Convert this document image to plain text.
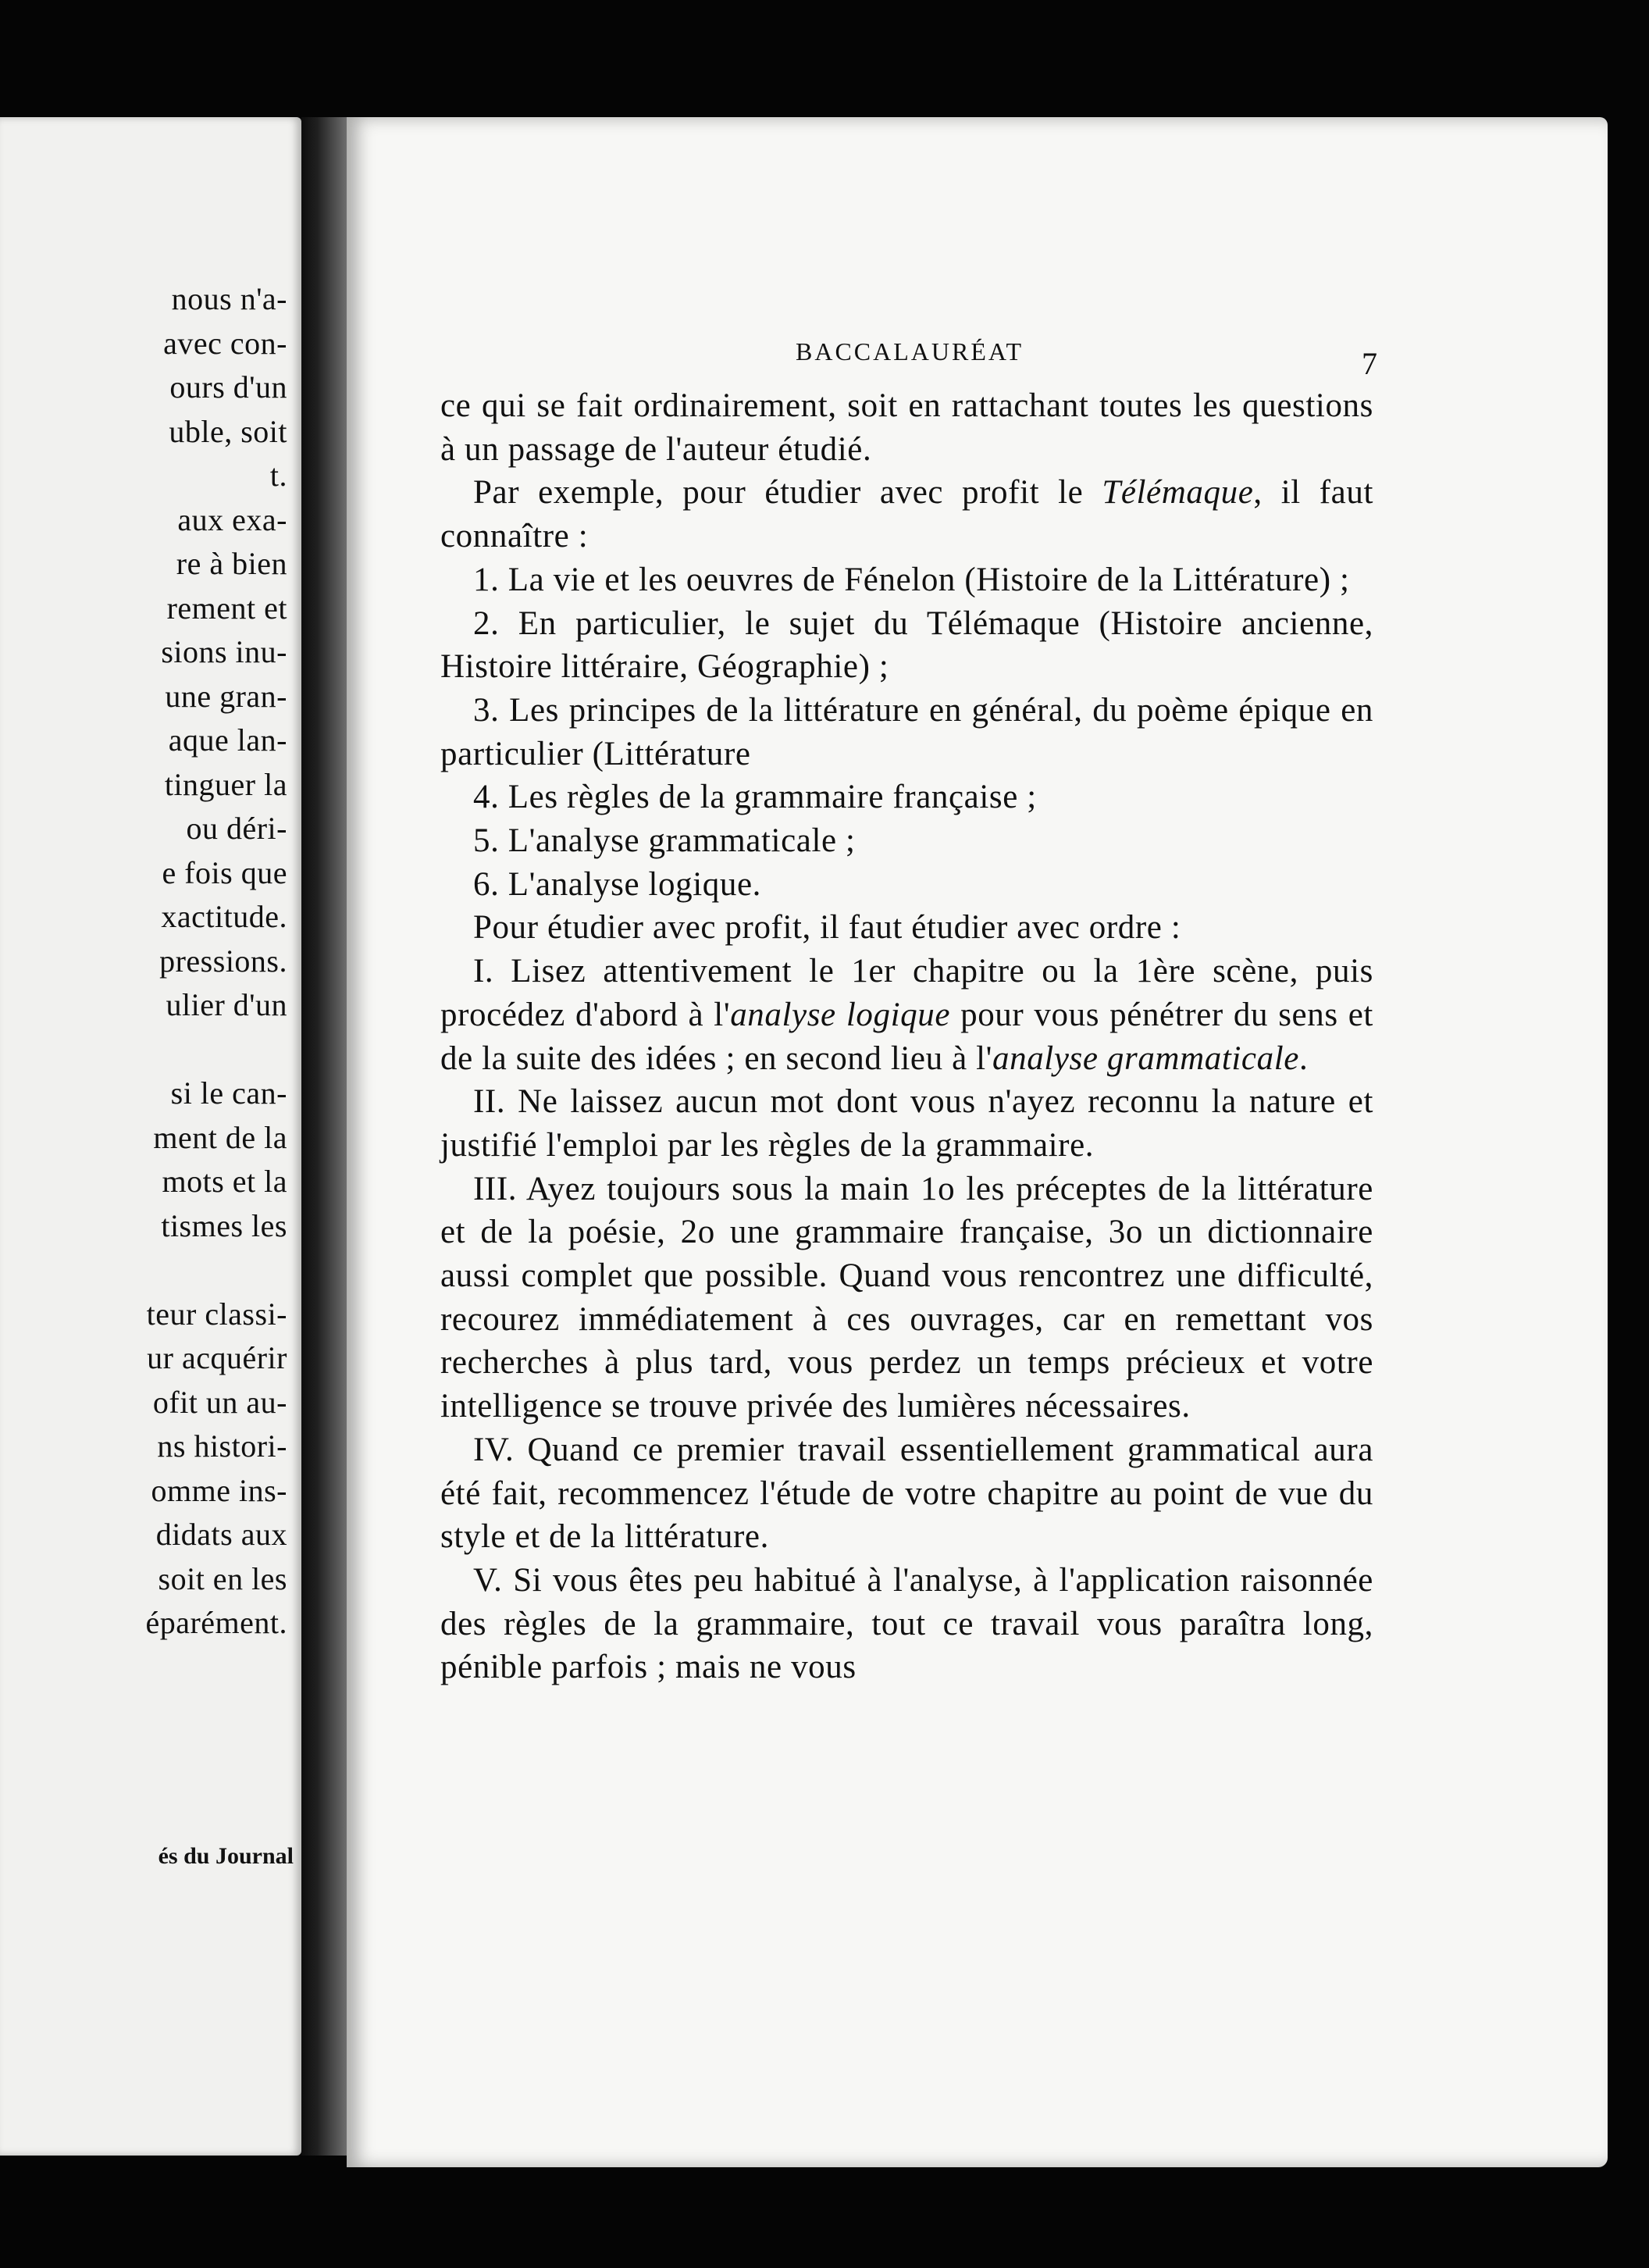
nous n'a-
avec con-
ours d'un
uble, soit
t.
aux exa-
re à bien
rement et
sions inu-
une gran-
aque lan-
tinguer la
ou déri-
e fois que
xactitude.
pressions.
ulier d'un
si le can-
ment de la
mots et la
tismes les
teur classi-
ur acquérir
ofit un au-
ns histori-
omme ins-
didats aux
soit en les
éparément.
és du Journal
BACCALAURÉAT	7

ce qui se fait ordinairement, soit en rattachant toutes les questions à un passage de l'auteur étudié.

Par exemple, pour étudier avec profit le Télémaque, il faut connaître :

1. La vie et les oeuvres de Fénelon (Histoire de la Littérature) ;

2. En particulier, le sujet du Télémaque (Histoire ancienne, Histoire littéraire, Géographie) ;

3. Les principes de la littérature en général, du poème épique en particulier (Littérature

4. Les règles de la grammaire française ;

5. L'analyse grammaticale ;

6. L'analyse logique.

Pour étudier avec profit, il faut étudier avec ordre :

I. Lisez attentivement le 1er chapitre ou la 1ère scène, puis procédez d'abord à l'analyse logique pour vous pénétrer du sens et de la suite des idées ; en second lieu à l'analyse grammaticale.

II. Ne laissez aucun mot dont vous n'ayez reconnu la nature et justifié l'emploi par les règles de la grammaire.

III. Ayez toujours sous la main 1o les préceptes de la littérature et de la poésie, 2o une grammaire française, 3o un dictionnaire aussi complet que possible. Quand vous rencontrez une difficulté, recourez immédiatement à ces ouvrages, car en remettant vos recherches à plus tard, vous perdez un temps précieux et votre intelligence se trouve privée des lumières nécessaires.

IV. Quand ce premier travail essentiellement grammatical aura été fait, recommencez l'étude de votre chapitre au point de vue du style et de la littérature.

V. Si vous êtes peu habitué à l'analyse, à l'application raisonnée des règles de la grammaire, tout ce travail vous paraîtra long, pénible parfois ; mais ne vous
